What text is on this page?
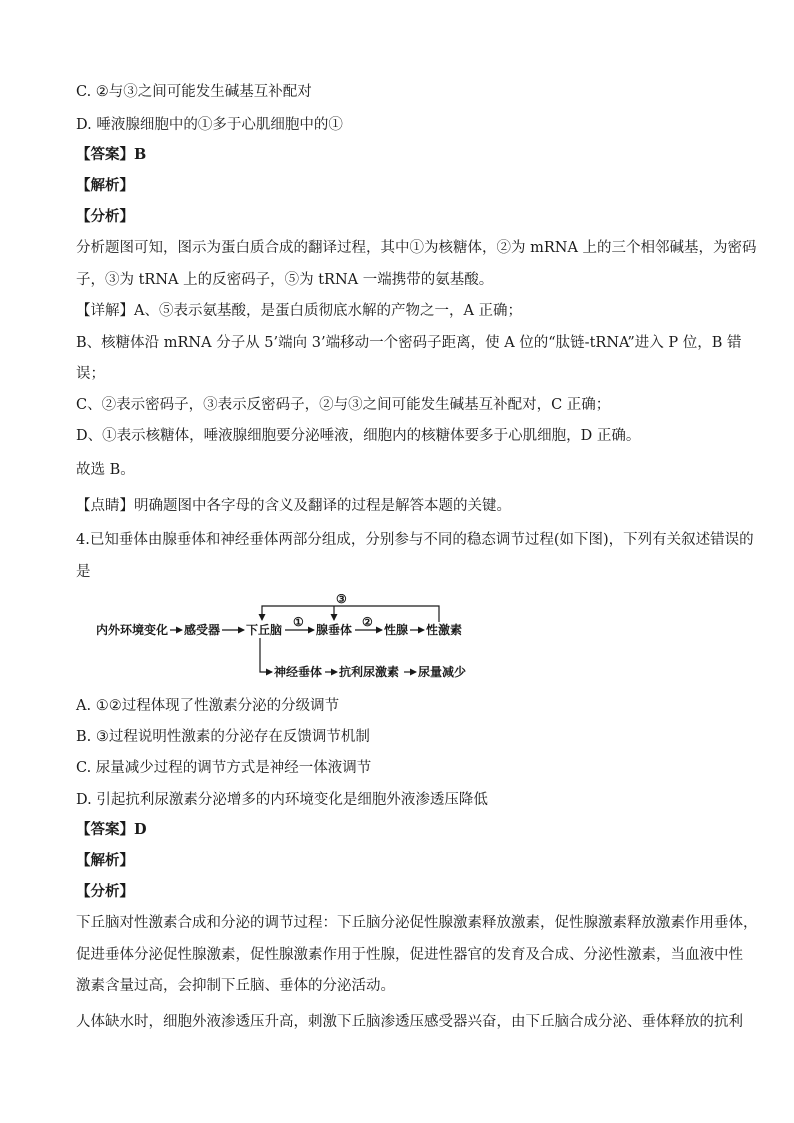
C. ②与③之间可能发生碱基互补配对
D. 唾液腺细胞中的①多于心肌细胞中的①
【答案】B
【解析】
【分析】
分析题图可知，图示为蛋白质合成的翻译过程，其中①为核糖体，②为 mRNA 上的三个相邻碱基，为密码
子，③为 tRNA 上的反密码子，⑤为 tRNA 一端携带的氨基酸。
【详解】A、⑤表示氨基酸，是蛋白质彻底水解的产物之一，A 正确；
B、核糖体沿 mRNA 分子从 5’端向 3’端移动一个密码子距离，使 A 位的“肽链-tRNA”进入 P 位，B 错
误；
C、②表示密码子，③表示反密码子，②与③之间可能发生碱基互补配对，C 正确；
D、①表示核糖体，唾液腺细胞要分泌唾液，细胞内的核糖体要多于心肌细胞，D 正确。
故选 B。
【点睛】明确题图中各字母的含义及翻译的过程是解答本题的关键。
4.已知垂体由腺垂体和神经垂体两部分组成，分别参与不同的稳态调节过程(如下图)，下列有关叙述错误的
是
内外环境变化 感受器 下丘脑
①
腺垂体
②
性腺 性激素
③
神经垂体 抗利尿激素 尿量减少
A. ①②过程体现了性激素分泌的分级调节
B. ③过程说明性激素的分泌存在反馈调节机制
C. 尿量减少过程的调节方式是神经一体液调节
D. 引起抗利尿激素分泌增多的内环境变化是细胞外液渗透压降低
【答案】D
【解析】
【分析】
下丘脑对性激素合成和分泌的调节过程：下丘脑分泌促性腺激素释放激素，促性腺激素释放激素作用垂体，
促进垂体分泌促性腺激素，促性腺激素作用于性腺，促进性器官的发育及合成、分泌性激素，当血液中性
激素含量过高，会抑制下丘脑、垂体的分泌活动。
人体缺水时，细胞外液渗透压升高，刺激下丘脑渗透压感受器兴奋，由下丘脑合成分泌、垂体释放的抗利
